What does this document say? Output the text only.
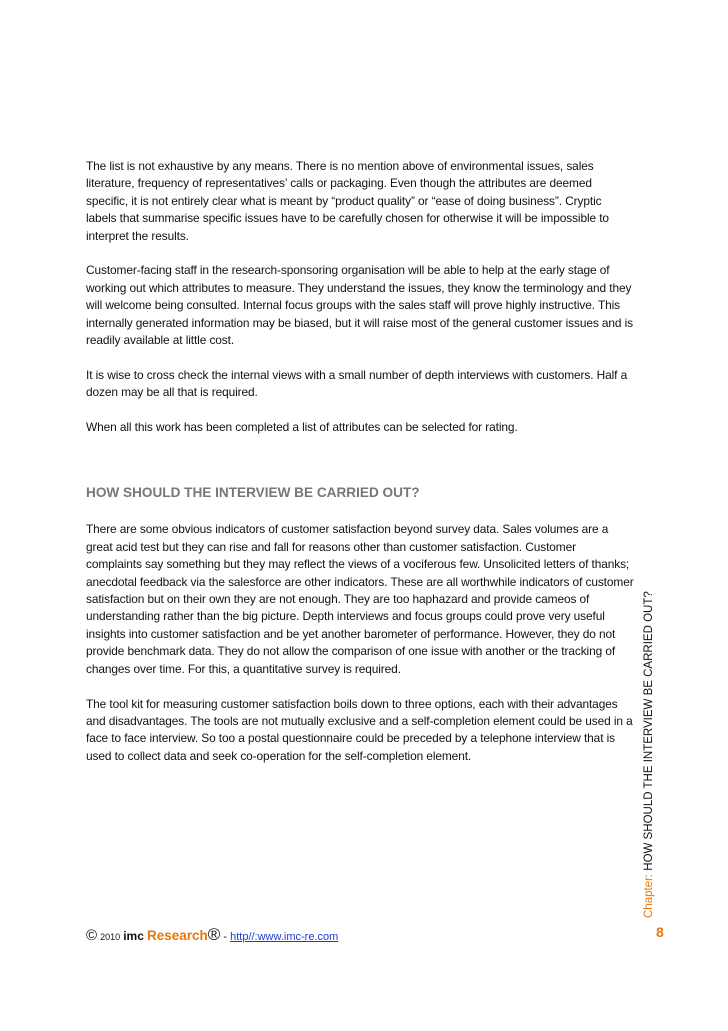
The list is not exhaustive by any means. There is no mention above of environmental issues, sales literature, frequency of representatives’ calls or packaging. Even though the attributes are deemed specific, it is not entirely clear what is meant by “product quality” or “ease of doing business”. Cryptic labels that summarise specific issues have to be carefully chosen for otherwise it will be impossible to interpret the results.

Customer-facing staff in the research-sponsoring organisation will be able to help at the early stage of working out which attributes to measure. They understand the issues, they know the terminology and they will welcome being consulted. Internal focus groups with the sales staff will prove highly instructive. This internally generated information may be biased, but it will raise most of the general customer issues and is readily available at little cost.

It is wise to cross check the internal views with a small number of depth interviews with customers. Half a dozen may be all that is required.

When all this work has been completed a list of attributes can be selected for rating.

HOW SHOULD THE INTERVIEW BE CARRIED OUT?

There are some obvious indicators of customer satisfaction beyond survey data. Sales volumes are a great acid test but they can rise and fall for reasons other than customer satisfaction. Customer complaints say something but they may reflect the views of a vociferous few. Unsolicited letters of thanks; anecdotal feedback via the salesforce are other indicators. These are all worthwhile indicators of customer satisfaction but on their own they are not enough. They are too haphazard and provide cameos of understanding rather than the big picture. Depth interviews and focus groups could prove very useful insights into customer satisfaction and be yet another barometer of performance. However, they do not provide benchmark data. They do not allow the comparison of one issue with another or the tracking of changes over time. For this, a quantitative survey is required.

The tool kit for measuring customer satisfaction boils down to three options, each with their advantages and disadvantages. The tools are not mutually exclusive and a self-completion element could be used in a face to face interview. So too a postal questionnaire could be preceded by a telephone interview that is used to collect data and seek co-operation for the self-completion element.

Chapter: HOW SHOULD THE INTERVIEW BE CARRIED OUT?
© 2010 imc Research® - http//:www.imc-re.com	8
